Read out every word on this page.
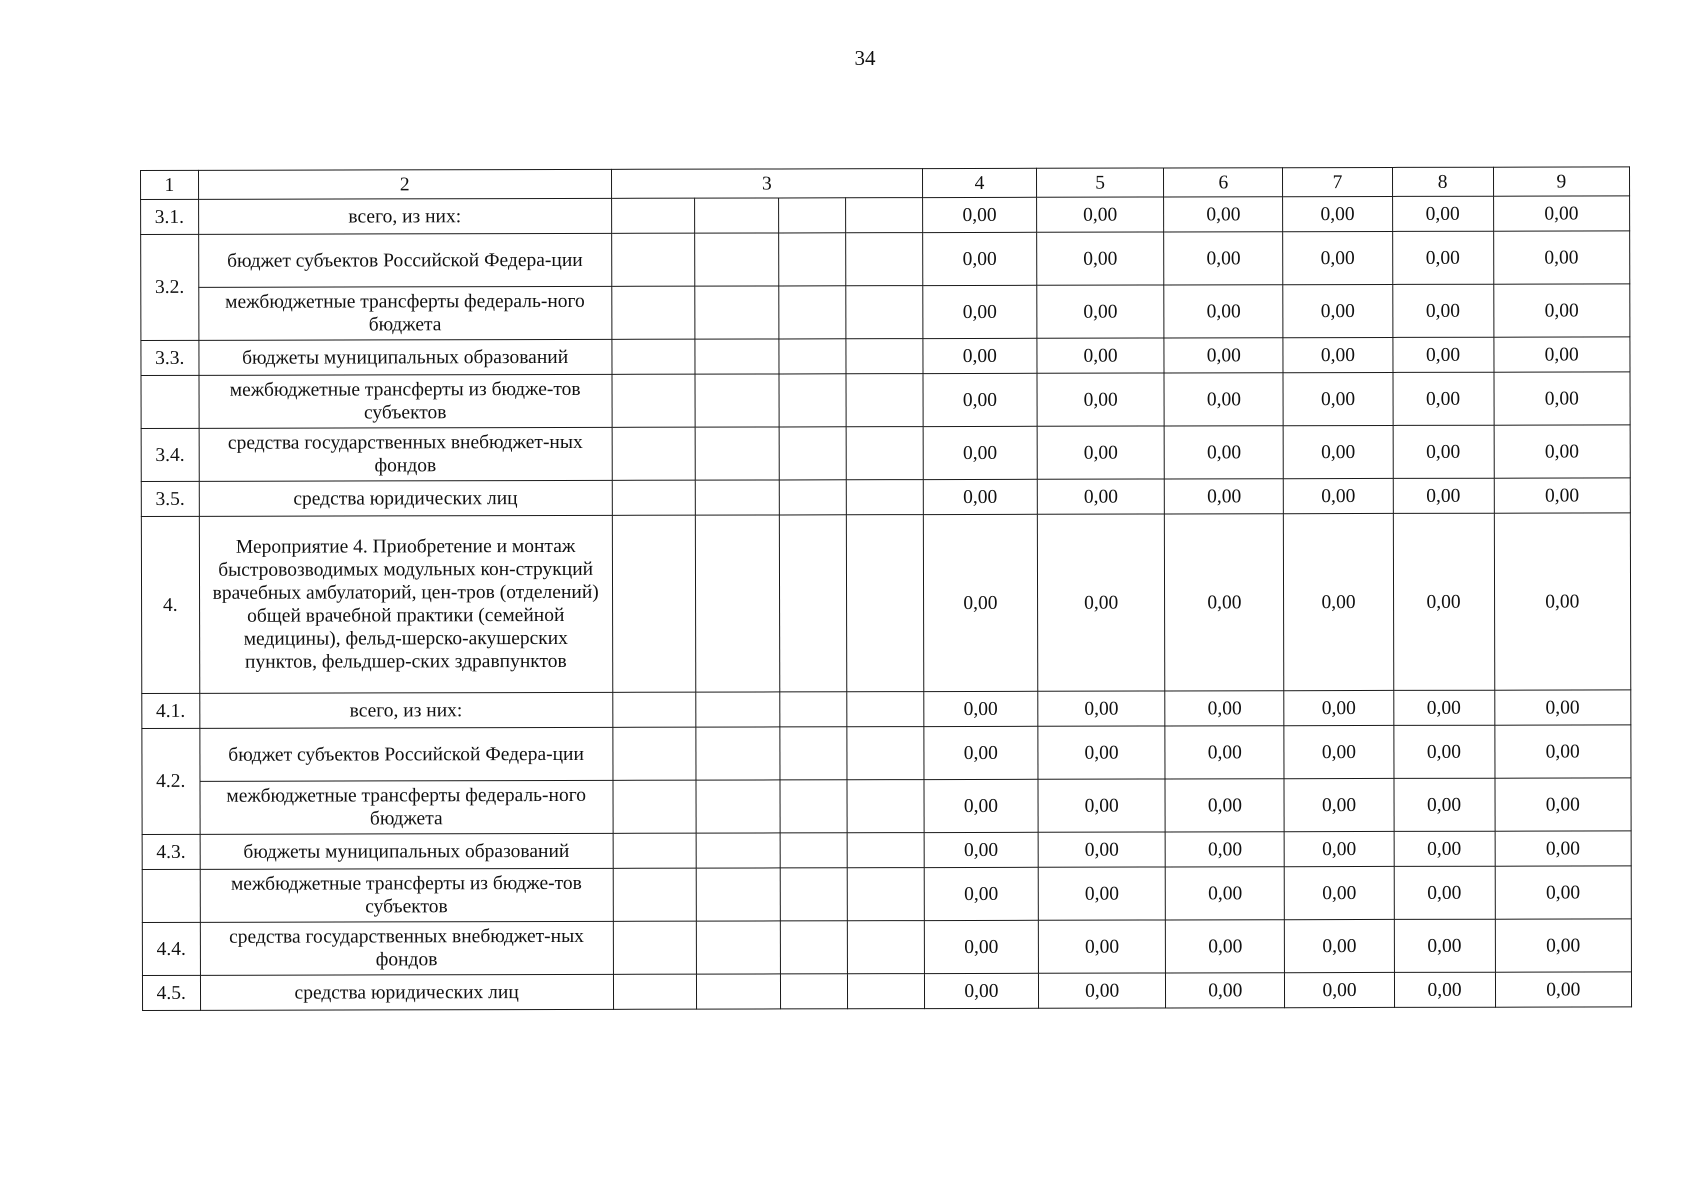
34
1	2	3				4	5	6	7	8	9
3.1.	всего, из них:					0,00	0,00	0,00	0,00	0,00	0,00
3.2.	бюджет субъектов Российской Федера-ции					0,00	0,00	0,00	0,00	0,00	0,00
	межбюджетные трансферты федераль-ного бюджета					0,00	0,00	0,00	0,00	0,00	0,00
3.3.	бюджеты муниципальных образований					0,00	0,00	0,00	0,00	0,00	0,00
	межбюджетные трансферты из бюдже-тов субъектов					0,00	0,00	0,00	0,00	0,00	0,00
3.4.	средства государственных внебюджет-ных фондов					0,00	0,00	0,00	0,00	0,00	0,00
3.5.	средства юридических лиц					0,00	0,00	0,00	0,00	0,00	0,00
4.	Мероприятие 4. Приобретение и монтаж быстровозводимых модульных кон-струкций врачебных амбулаторий, цен-тров (отделений) общей врачебной практики (семейной медицины), фельд-шерско-акушерских пунктов, фельдшер-ских здравпунктов					0,00	0,00	0,00	0,00	0,00	0,00
4.1.	всего, из них:					0,00	0,00	0,00	0,00	0,00	0,00
4.2.	бюджет субъектов Российской Федера-ции					0,00	0,00	0,00	0,00	0,00	0,00
	межбюджетные трансферты федераль-ного бюджета					0,00	0,00	0,00	0,00	0,00	0,00
4.3.	бюджеты муниципальных образований					0,00	0,00	0,00	0,00	0,00	0,00
	межбюджетные трансферты из бюдже-тов субъектов					0,00	0,00	0,00	0,00	0,00	0,00
4.4.	средства государственных внебюджет-ных фондов					0,00	0,00	0,00	0,00	0,00	0,00
4.5.	средства юридических лиц					0,00	0,00	0,00	0,00	0,00	0,00
